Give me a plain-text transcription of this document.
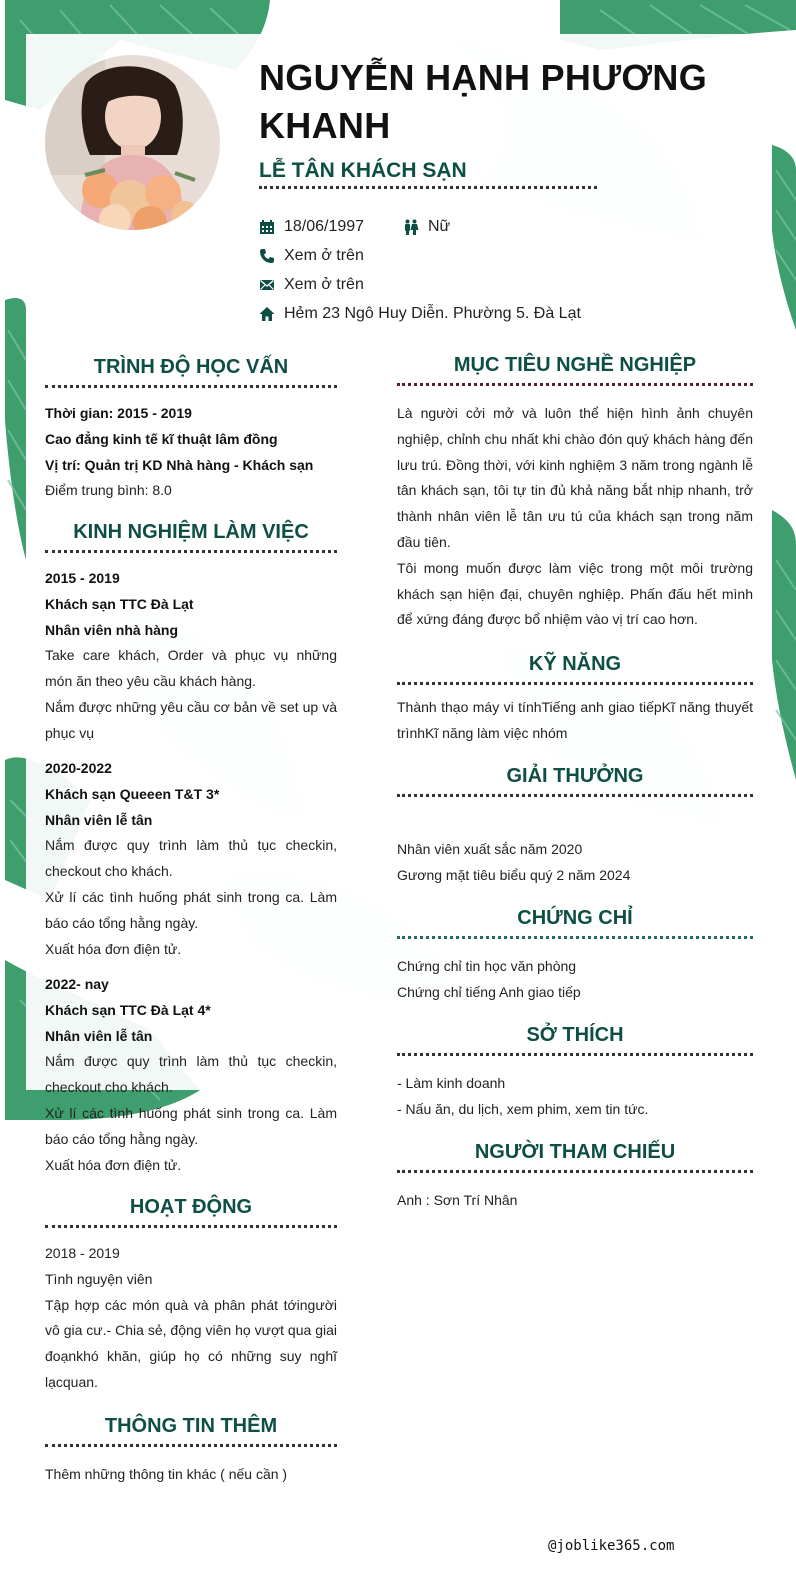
NGUYỄN HẠNH PHƯƠNG KHANH
LỄ TÂN KHÁCH SẠN
18/06/1997	Nữ
Xem ở trên
Xem ở trên
Hẻm 23 Ngô Huy Diễn. Phường 5. Đà Lạt
TRÌNH ĐỘ HỌC VẤN
Thời gian: 2015 - 2019
Cao đẳng kinh tế kĩ thuật lâm đồng
Vị trí: Quản trị KD Nhà hàng - Khách sạn
Điểm trung bình: 8.0
KINH NGHIỆM LÀM VIỆC
2015 - 2019
Khách sạn TTC Đà Lạt
Nhân viên nhà hàng
Take care khách, Order và phục vụ những món ăn theo yêu cầu khách hàng.
Nắm được những yêu cầu cơ bản về set up và phục vụ
2020-2022
Khách sạn Queeen T&T 3*
Nhân viên lễ tân
Nắm được quy trình làm thủ tục checkin, checkout cho khách.
Xử lí các tình huống phát sinh trong ca. Làm báo cáo tổng hằng ngày.
Xuất hóa đơn điện tử.
2022- nay
Khách sạn TTC Đà Lạt 4*
Nhân viên lễ tân
Nắm được quy trình làm thủ tục checkin, checkout cho khách.
Xử lí các tình huống phát sinh trong ca. Làm báo cáo tổng hằng ngày.
Xuất hóa đơn điện tử.
HOẠT ĐỘNG
2018 - 2019
Tình nguyện viên
Tập hợp các món quà và phân phát tớingười vô gia cư.- Chia sẻ, động viên họ vượt qua giai đoạnkhó khăn, giúp họ có những suy nghĩ lạcquan.
THÔNG TIN THÊM
Thêm những thông tin khác ( nếu cần )
MỤC TIÊU NGHỀ NGHIỆP
Là người cởi mở và luôn thể hiện hình ảnh chuyên nghiệp, chỉnh chu nhất khi chào đón quý khách hàng đến lưu trú. Đồng thời, với kinh nghiệm 3 năm trong ngành lễ tân khách sạn, tôi tự tin đủ khả năng bắt nhịp nhanh, trở thành nhân viên lễ tân ưu tú của khách sạn trong năm đầu tiên.
Tôi mong muốn được làm việc trong một môi trường khách sạn hiện đại, chuyên nghiệp. Phấn đấu hết mình để xứng đáng được bổ nhiệm vào vị trí cao hơn.
KỸ NĂNG
Thành thạo máy vi tínhTiếng anh giao tiếpKĩ năng thuyết trìnhKĩ năng làm việc nhóm
GIẢI THƯỞNG
Nhân viên xuất sắc năm 2020
Gương mặt tiêu biểu quý 2 năm 2024
CHỨNG CHỈ
Chứng chỉ tin học văn phòng
Chứng chỉ tiếng Anh giao tiếp
SỞ THÍCH
- Làm kinh doanh
- Nấu ăn, du lịch, xem phim, xem tin tức.
NGƯỜI THAM CHIẾU
Anh : Sơn Trí Nhân
@joblike365.com
